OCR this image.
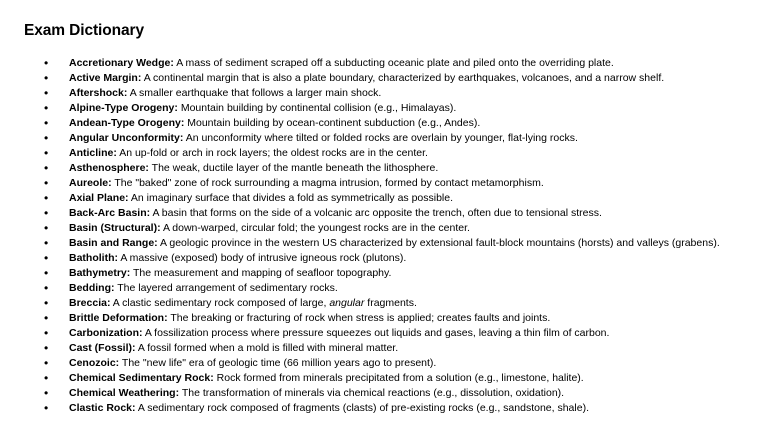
Exam Dictionary
• Accretionary Wedge: A mass of sediment scraped off a subducting oceanic plate and piled onto the overriding plate.
• Active Margin: A continental margin that is also a plate boundary, characterized by earthquakes, volcanoes, and a narrow shelf.
• Aftershock: A smaller earthquake that follows a larger main shock.
• Alpine-Type Orogeny: Mountain building by continental collision (e.g., Himalayas).
• Andean-Type Orogeny: Mountain building by ocean-continent subduction (e.g., Andes).
• Angular Unconformity: An unconformity where tilted or folded rocks are overlain by younger, flat-lying rocks.
• Anticline: An up-fold or arch in rock layers; the oldest rocks are in the center.
• Asthenosphere: The weak, ductile layer of the mantle beneath the lithosphere.
• Aureole: The "baked" zone of rock surrounding a magma intrusion, formed by contact metamorphism.
• Axial Plane: An imaginary surface that divides a fold as symmetrically as possible.
• Back-Arc Basin: A basin that forms on the side of a volcanic arc opposite the trench, often due to tensional stress.
• Basin (Structural): A down-warped, circular fold; the youngest rocks are in the center.
• Basin and Range: A geologic province in the western US characterized by extensional fault-block mountains (horsts) and valleys (grabens).
• Batholith: A massive (exposed) body of intrusive igneous rock (plutons).
• Bathymetry: The measurement and mapping of seafloor topography.
• Bedding: The layered arrangement of sedimentary rocks.
• Breccia: A clastic sedimentary rock composed of large, angular fragments.
• Brittle Deformation: The breaking or fracturing of rock when stress is applied; creates faults and joints.
• Carbonization: A fossilization process where pressure squeezes out liquids and gases, leaving a thin film of carbon.
• Cast (Fossil): A fossil formed when a mold is filled with mineral matter.
• Cenozoic: The "new life" era of geologic time (66 million years ago to present).
• Chemical Sedimentary Rock: Rock formed from minerals precipitated from a solution (e.g., limestone, halite).
• Chemical Weathering: The transformation of minerals via chemical reactions (e.g., dissolution, oxidation).
• Clastic Rock: A sedimentary rock composed of fragments (clasts) of pre-existing rocks (e.g., sandstone, shale).
